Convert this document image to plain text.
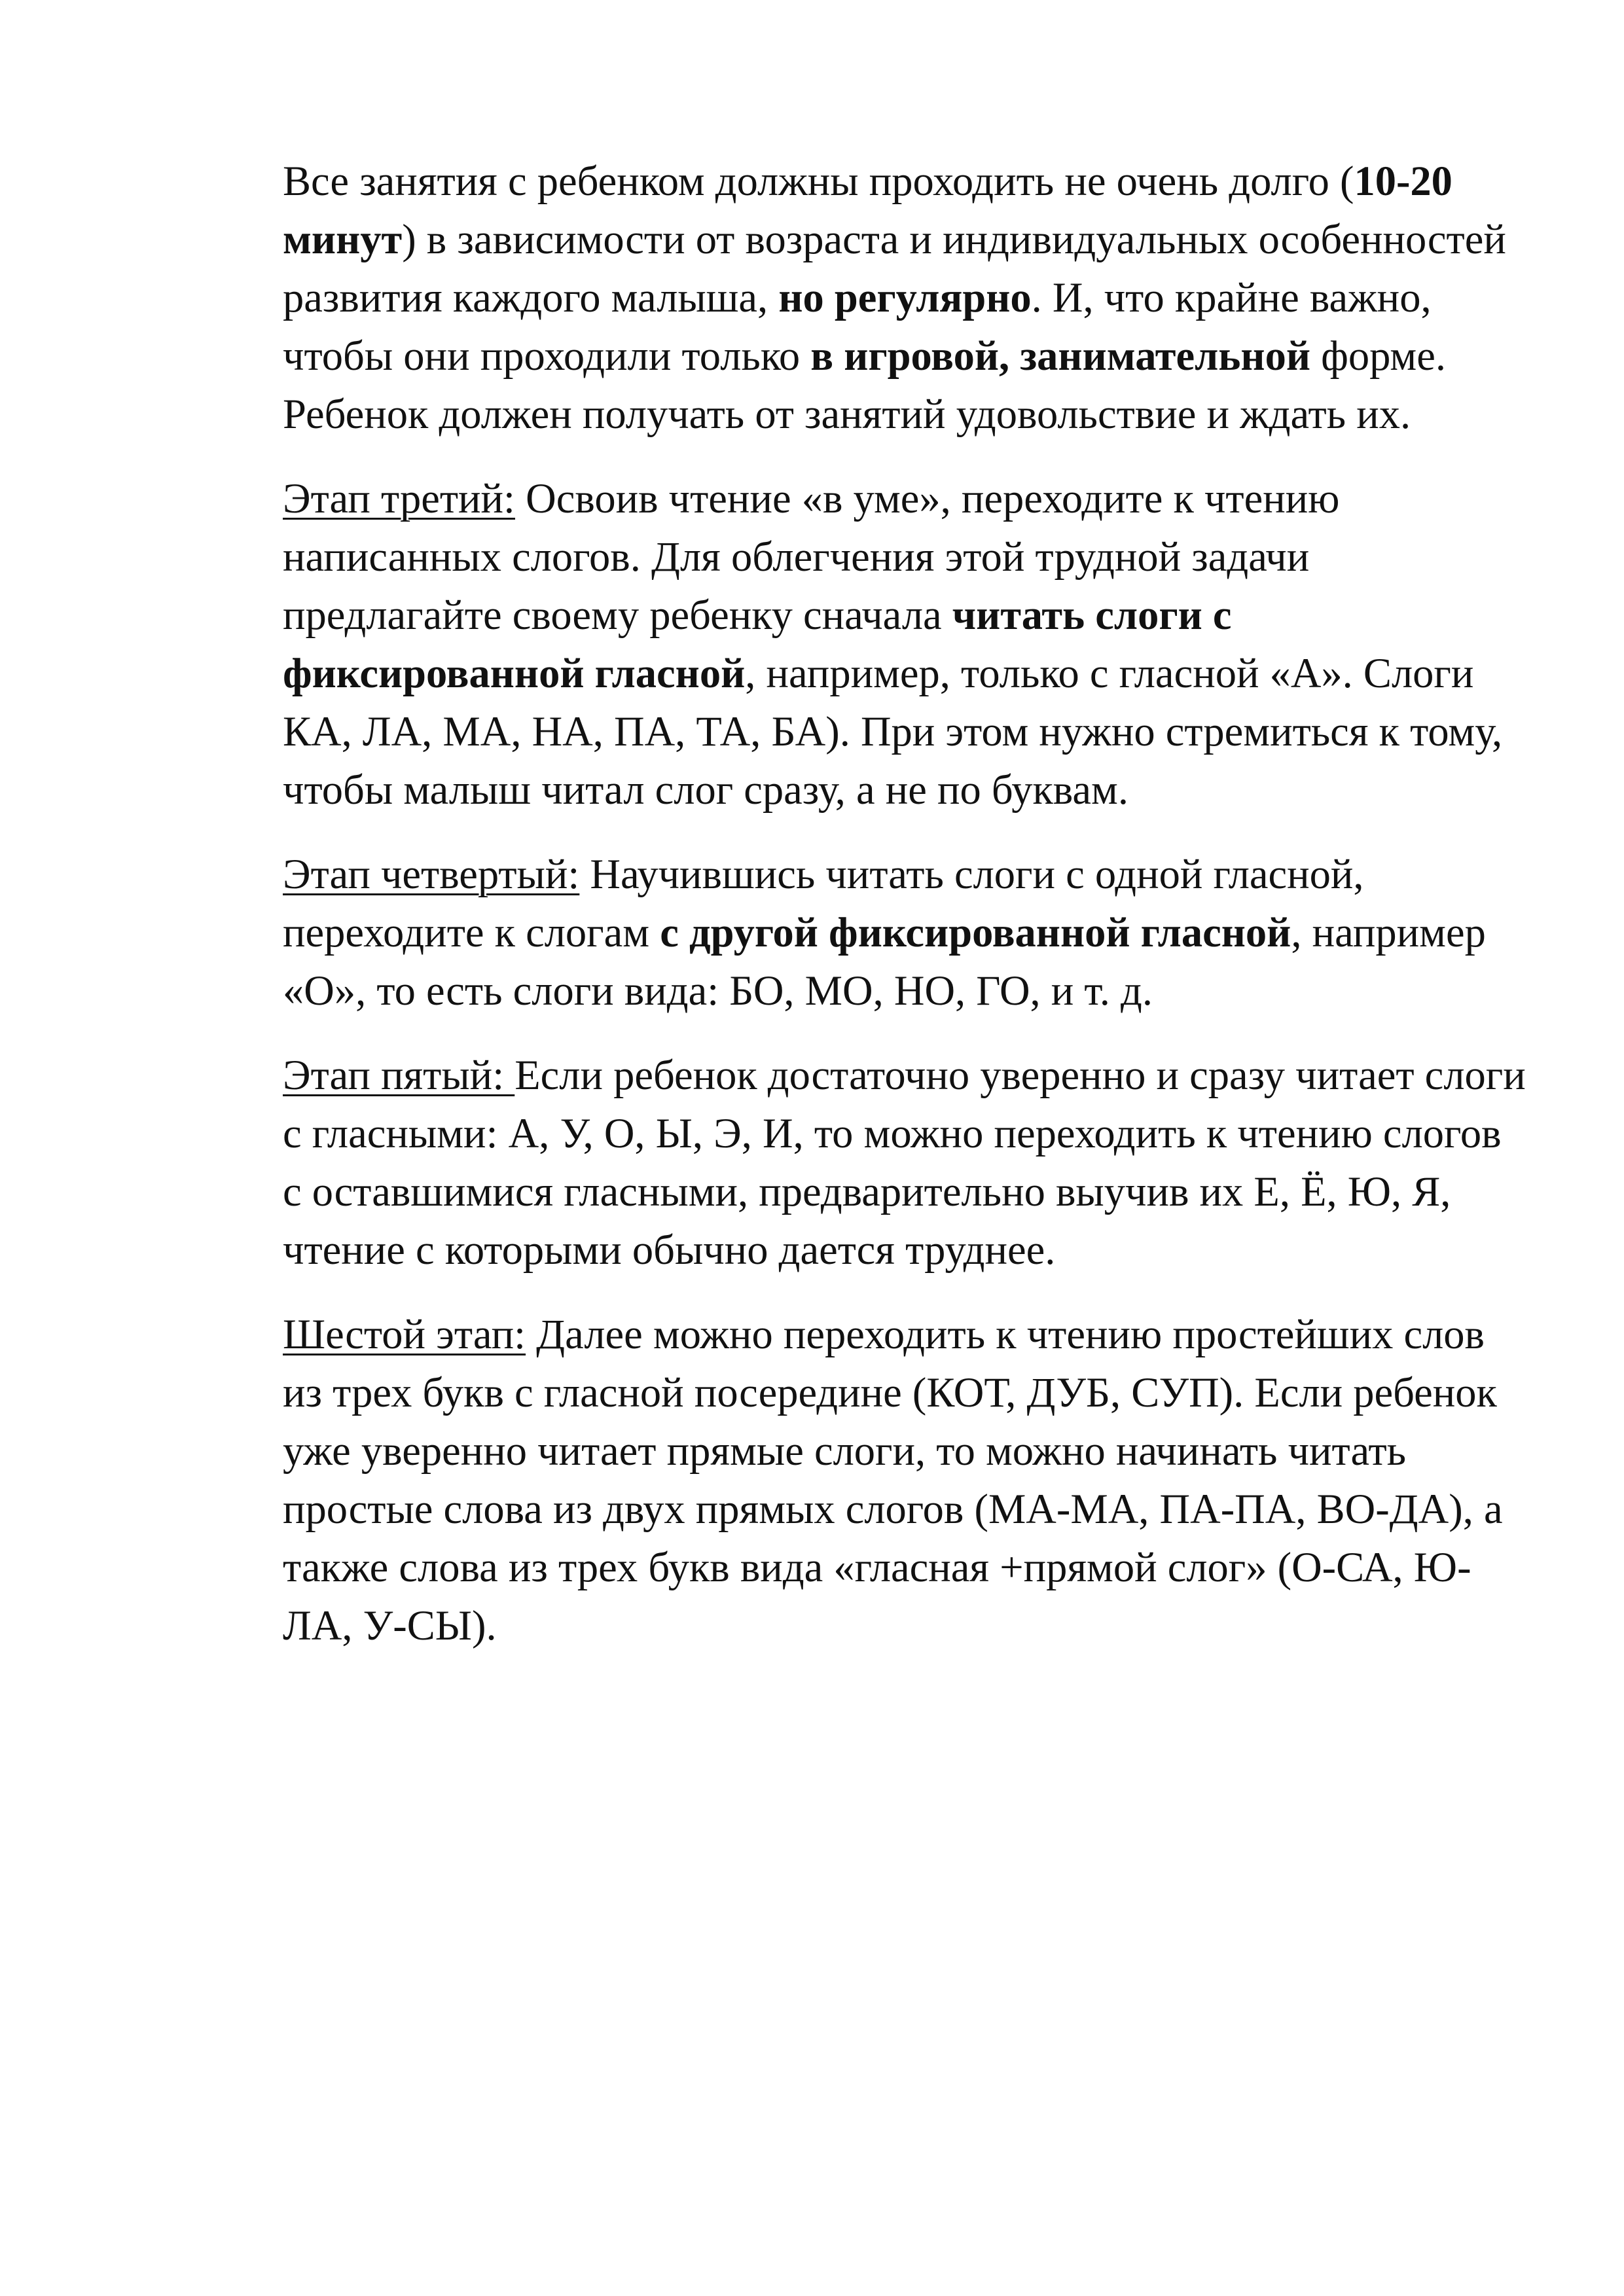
Все занятия с ребенком должны проходить не очень долго (10-20 минут) в зависимости от возраста и индивидуальных особенностей развития каждого малыша, но регулярно. И, что крайне важно, чтобы они проходили только в игровой, занимательной форме. Ребенок должен получать от занятий удовольствие и ждать их.

Этап третий: Освоив чтение «в уме», переходите к чтению написанных слогов. Для облегчения этой трудной задачи предлагайте своему ребенку сначала читать слоги с фиксированной гласной, например, только с гласной «А». Слоги КА, ЛА, МА, НА, ПА, ТА, БА). При этом нужно стремиться к тому, чтобы малыш читал слог сразу, а не по буквам.

Этап четвертый: Научившись читать слоги с одной гласной, переходите к слогам с другой фиксированной гласной, например «О», то есть слоги вида: БО, МО, НО, ГО, и т. д.

Этап пятый: Если ребенок достаточно уверенно и сразу читает слоги с гласными: А, У, О, Ы, Э, И, то можно переходить к чтению слогов с оставшимися гласными, предварительно выучив их Е, Ё, Ю, Я, чтение с которыми обычно дается труднее.

Шестой этап: Далее можно переходить к чтению простейших слов из трех букв с гласной посередине (КОТ, ДУБ, СУП). Если ребенок уже уверенно читает прямые слоги, то можно начинать читать простые слова из двух прямых слогов (МА-МА, ПА-ПА, ВО-ДА), а также слова из трех букв вида «гласная +прямой слог» (О-СА, Ю-ЛА, У-СЫ).
